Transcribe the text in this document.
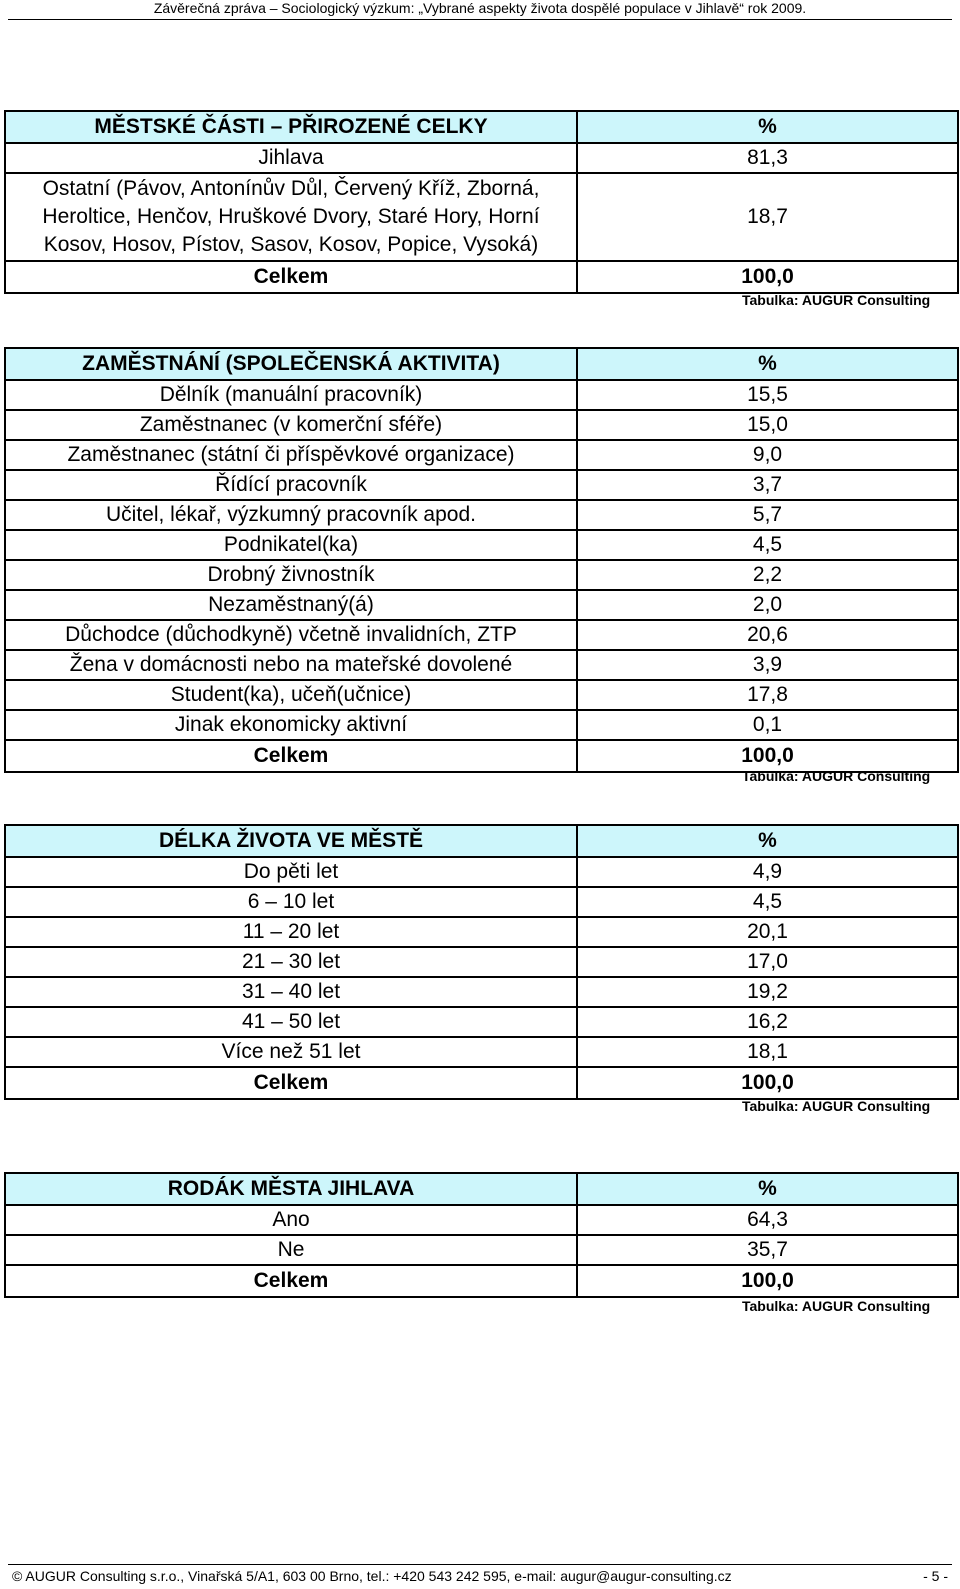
Závěrečná zpráva – Sociologický výzkum: „Vybrané aspekty života dospělé populace v Jihlavě“ rok 2009.
MĚSTSKÉ ČÁSTI – PŘIROZENÉ CELKY	%
Jihlava	81,3
Ostatní (Pávov, Antonínův Důl, Červený Kříž, Zborná, Heroltice, Henčov, Hruškové Dvory, Staré Hory, Horní Kosov, Hosov, Pístov, Sasov, Kosov, Popice, Vysoká)	18,7
Celkem	100,0
Tabulka: AUGUR Consulting
ZAMĚSTNÁNÍ (SPOLEČENSKÁ AKTIVITA)	%
Dělník (manuální pracovník)	15,5
Zaměstnanec (v komerční sféře)	15,0
Zaměstnanec (státní či příspěvkové organizace)	9,0
Řídící pracovník	3,7
Učitel, lékař, výzkumný pracovník apod.	5,7
Podnikatel(ka)	4,5
Drobný živnostník	2,2
Nezaměstnaný(á)	2,0
Důchodce (důchodkyně) včetně invalidních, ZTP	20,6
Žena v domácnosti nebo na mateřské dovolené	3,9
Student(ka), učeň(učnice)	17,8
Jinak ekonomicky aktivní	0,1
Celkem	100,0
Tabulka: AUGUR Consulting
DÉLKA ŽIVOTA VE MĚSTĚ	%
Do pěti let	4,9
6 – 10 let	4,5
11 – 20 let	20,1
21 – 30 let	17,0
31 – 40 let	19,2
41 – 50 let	16,2
Více než 51 let	18,1
Celkem	100,0
Tabulka: AUGUR Consulting
RODÁK MĚSTA JIHLAVA	%
Ano	64,3
Ne	35,7
Celkem	100,0
Tabulka: AUGUR Consulting
© AUGUR Consulting s.r.o., Vinařská 5/A1, 603 00 Brno, tel.: +420 543 242 595, e-mail: augur@augur-consulting.cz	- 5 -
